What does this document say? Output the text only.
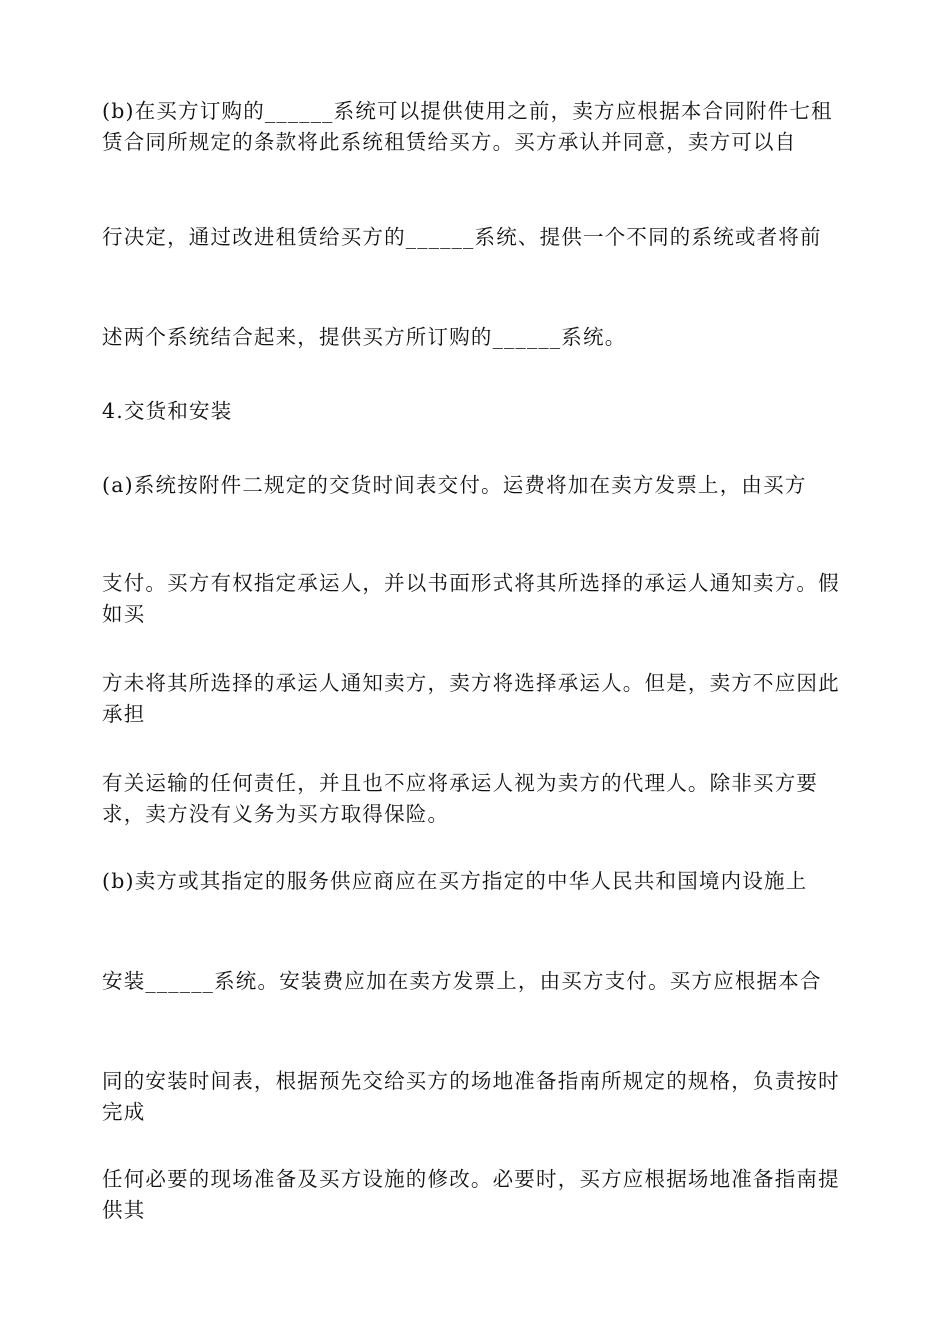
(b)在买方订购的______系统可以提供使用之前，卖方应根据本合同附件七租赁合同所规定的条款将此系统租赁给买方。买方承认并同意，卖方可以自

行决定，通过改进租赁给买方的______系统、提供一个不同的系统或者将前

述两个系统结合起来，提供买方所订购的______系统。

4.交货和安装

(a)系统按附件二规定的交货时间表交付。运费将加在卖方发票上，由买方

支付。买方有权指定承运人，并以书面形式将其所选择的承运人通知卖方。假如买

方未将其所选择的承运人通知卖方，卖方将选择承运人。但是，卖方不应因此承担

有关运输的任何责任，并且也不应将承运人视为卖方的代理人。除非买方要求，卖方没有义务为买方取得保险。

(b)卖方或其指定的服务供应商应在买方指定的中华人民共和国境内设施上

安装______系统。安装费应加在卖方发票上，由买方支付。买方应根据本合

同的安装时间表，根据预先交给买方的场地准备指南所规定的规格，负责按时完成

任何必要的现场准备及买方设施的修改。必要时，买方应根据场地准备指南提供其
